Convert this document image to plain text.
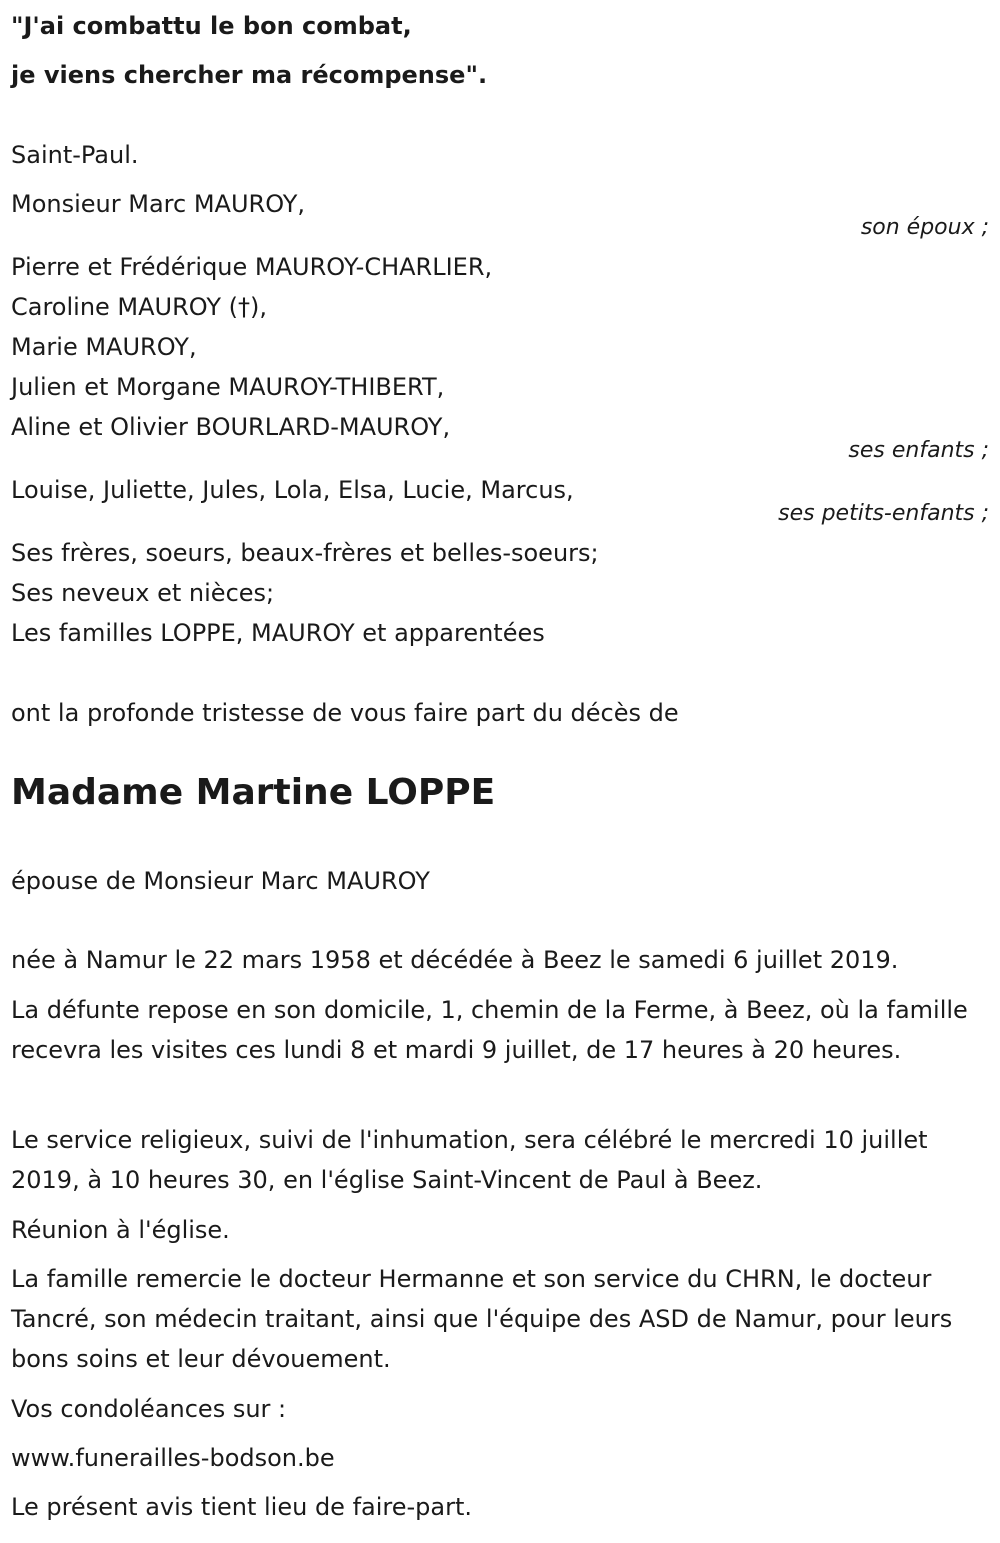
"J'ai combattu le bon combat,
je viens chercher ma récompense".
Saint-Paul.
Monsieur Marc MAUROY,
son époux ;
Pierre et Frédérique MAUROY-CHARLIER,
Caroline MAUROY (†),
Marie MAUROY,
Julien et Morgane MAUROY-THIBERT,
Aline et Olivier BOURLARD-MAUROY,
ses enfants ;
Louise, Juliette, Jules, Lola, Elsa, Lucie, Marcus,
ses petits-enfants ;
Ses frères, soeurs, beaux-frères et belles-soeurs;
Ses neveux et nièces;
Les familles LOPPE, MAUROY et apparentées
ont la profonde tristesse de vous faire part du décès de
Madame Martine LOPPE
épouse de Monsieur Marc MAUROY
née à Namur le 22 mars 1958 et décédée à Beez le samedi 6 juillet 2019.
La défunte repose en son domicile, 1, chemin de la Ferme, à Beez, où la famille recevra les visites ces lundi 8 et mardi 9 juillet, de 17 heures à 20 heures.
Le service religieux, suivi de l'inhumation, sera célébré le mercredi 10 juillet 2019, à 10 heures 30, en l'église Saint-Vincent de Paul à Beez.
Réunion à l'église.
La famille remercie le docteur Hermanne et son service du CHRN, le docteur Tancré, son médecin traitant, ainsi que l'équipe des ASD de Namur, pour leurs bons soins et leur dévouement.
Vos condoléances sur :
www.funerailles-bodson.be
Le présent avis tient lieu de faire-part.
